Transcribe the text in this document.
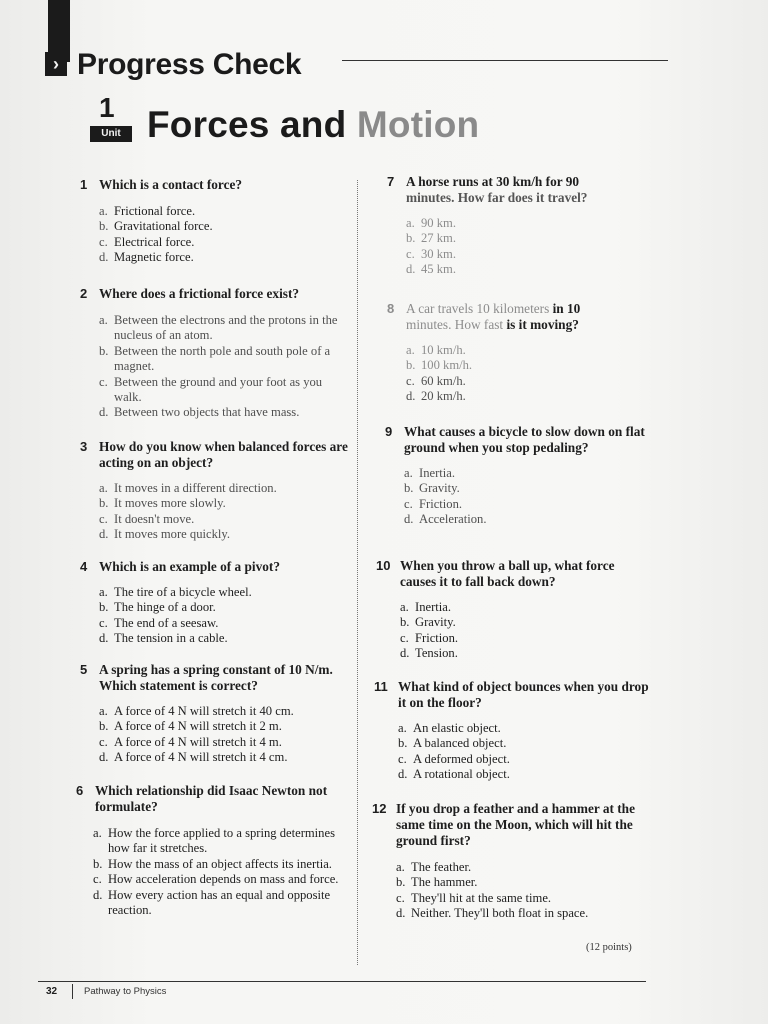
› Progress Check
1
Unit Forces and Motion
1 Which is a contact force?
a. Frictional force.
b. Gravitational force.
c. Electrical force.
d. Magnetic force.
2 Where does a frictional force exist?
a. Between the electrons and the protons in the nucleus of an atom.
b. Between the north pole and south pole of a magnet.
c. Between the ground and your foot as you walk.
d. Between two objects that have mass.
3 How do you know when balanced forces are acting on an object?
a. It moves in a different direction.
b. It moves more slowly.
c. It doesn't move.
d. It moves more quickly.
4 Which is an example of a pivot?
a. The tire of a bicycle wheel.
b. The hinge of a door.
c. The end of a seesaw.
d. The tension in a cable.
5 A spring has a spring constant of 10 N/m. Which statement is correct?
a. A force of 4 N will stretch it 40 cm.
b. A force of 4 N will stretch it 2 m.
c. A force of 4 N will stretch it 4 m.
d. A force of 4 N will stretch it 4 cm.
6 Which relationship did Isaac Newton not formulate?
a. How the force applied to a spring determines how far it stretches.
b. How the mass of an object affects its inertia.
c. How acceleration depends on mass and force.
d. How every action has an equal and opposite reaction.
7 A horse runs at 30 km/h for 90
minutes. How far does it travel?
a. 90 km.
b. 27 km.
c. 30 km.
d. 45 km.
8 A car travels 10 kilometers in 10
minutes. How fast is it moving?
a. 10 km/h.
b. 100 km/h.
c. 60 km/h.
d. 20 km/h.
9 What causes a bicycle to slow down on flat ground when you stop pedaling?
a. Inertia.
b. Gravity.
c. Friction.
d. Acceleration.
10 When you throw a ball up, what force causes it to fall back down?
a. Inertia.
b. Gravity.
c. Friction.
d. Tension.
11 What kind of object bounces when you drop it on the floor?
a. An elastic object.
b. A balanced object.
c. A deformed object.
d. A rotational object.
12 If you drop a feather and a hammer at the same time on the Moon, which will hit the ground first?
a. The feather.
b. The hammer.
c. They'll hit at the same time.
d. Neither. They'll both float in space.
(12 points)
32	Pathway to Physics
